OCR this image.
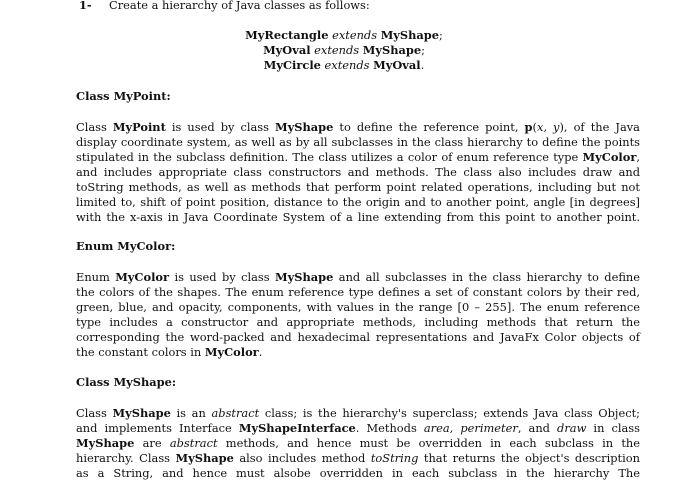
1- Create a hierarchy of Java classes as follows:
MyRectangle extends MyShape;
MyOval extends MyShape;
MyCircle extends MyOval.
Class MyPoint:
Class MyPoint is used by class MyShape to define the reference point, p(x, y), of the Java
display coordinate system, as well as by all subclasses in the class hierarchy to define the points
stipulated in the subclass definition. The class utilizes a color of enum reference type MyColor,
and includes appropriate class constructors and methods. The class also includes draw and
toString methods, as well as methods that perform point related operations, including but not
limited to, shift of point position, distance to the origin and to another point, angle [in degrees]
with the x-axis in Java Coordinate System of a line extending from this point to another point.
Enum MyColor:
Enum MyColor is used by class MyShape and all subclasses in the class hierarchy to define
the colors of the shapes. The enum reference type defines a set of constant colors by their red,
green, blue, and opacity, components, with values in the range [0 – 255]. The enum reference
type includes a constructor and appropriate methods, including methods that return the
corresponding the word-packed and hexadecimal representations and JavaFx Color objects of
the constant colors in MyColor.
Class MyShape:
Class MyShape is an abstract class; is the hierarchy's superclass; extends Java class Object;
and implements Interface MyShapeInterface. Methods area, perimeter, and draw in class
MyShape are abstract methods, and hence must be overridden in each subclass in the
hierarchy. Class MyShape also includes method toString that returns the object's description
as a String, and hence must alsobe overridden in each subclass in the hierarchy The
